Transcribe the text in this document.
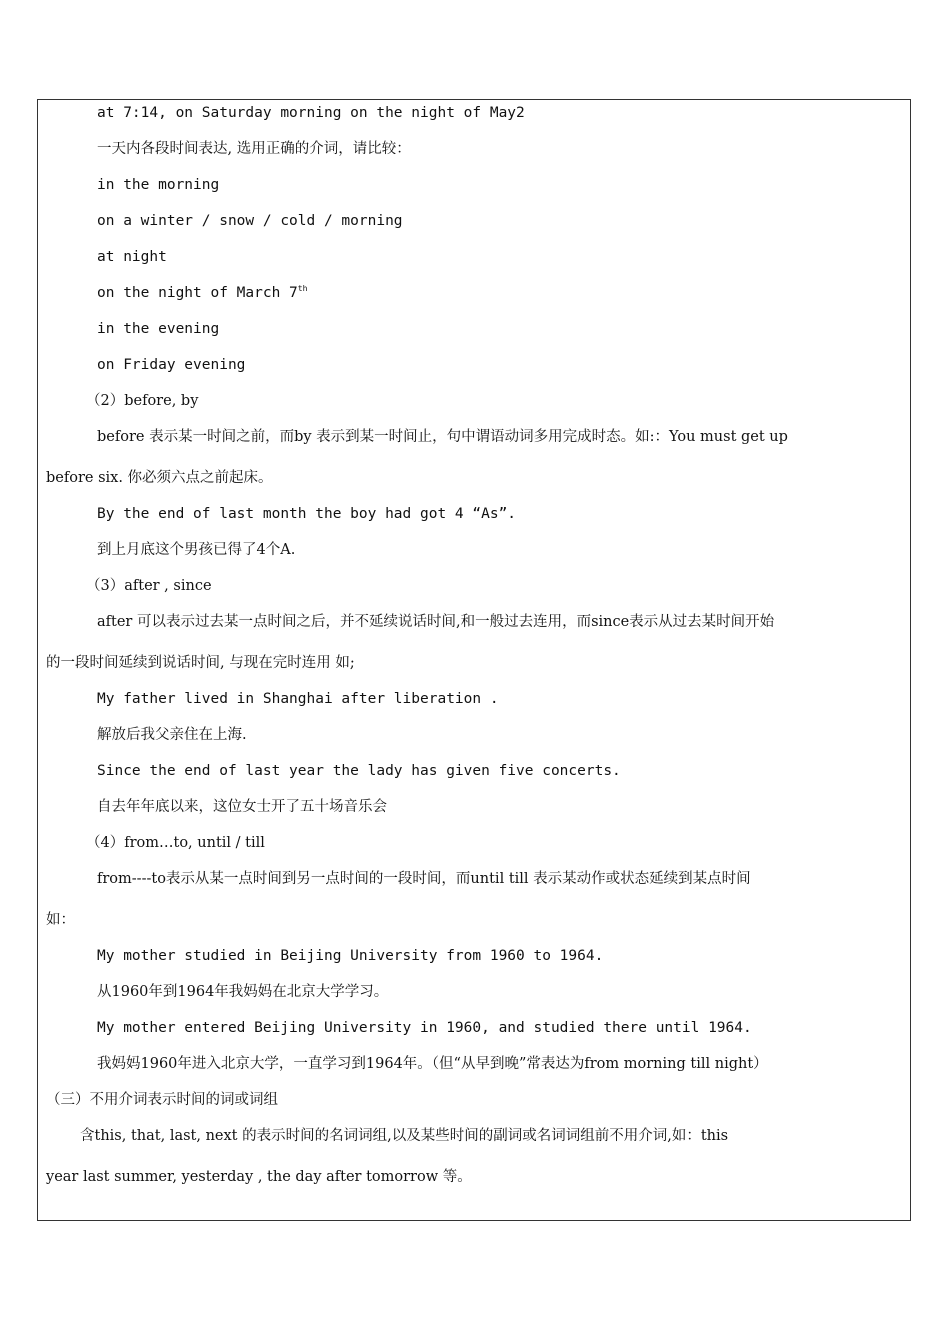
at 7:14, on Saturday morning on the night of May2
一天内各段时间表达, 选用正确的介词，请比较：
in the morning
on a winter / snow / cold / morning
at night
on the night of March 7th
in the evening
on Friday evening
（2）before, by
before 表示某一时间之前，而by 表示到某一时间止，句中谓语动词多用完成时态。如:：You must get up
before six. 你必须六点之前起床。
By the end of last month the boy had got 4 “As”.
到上月底这个男孩已得了4个A.
（3）after , since
after 可以表示过去某一点时间之后，并不延续说话时间,和一般过去连用，而since表示从过去某时间开始
的一段时间延续到说话时间, 与现在完时连用 如;
My father lived in Shanghai after liberation .
解放后我父亲住在上海.
Since the end of last year the lady has given five concerts.
自去年年底以来，这位女士开了五十场音乐会
（4）from…to, until / till
from----to表示从某一点时间到另一点时间的一段时间，而until till 表示某动作或状态延续到某点时间
如：
My mother studied in Beijing University from 1960 to 1964.
从1960年到1964年我妈妈在北京大学学习。
My mother entered Beijing University in 1960, and studied there until 1964.
我妈妈1960年进入北京大学，一直学习到1964年。（但“从早到晚”常表达为from morning till night）
（三）不用介词表示时间的词或词组
含this, that, last, next 的表示时间的名词词组,以及某些时间的副词或名词词组前不用介词,如：this
year last summer, yesterday , the day after tomorrow 等。
